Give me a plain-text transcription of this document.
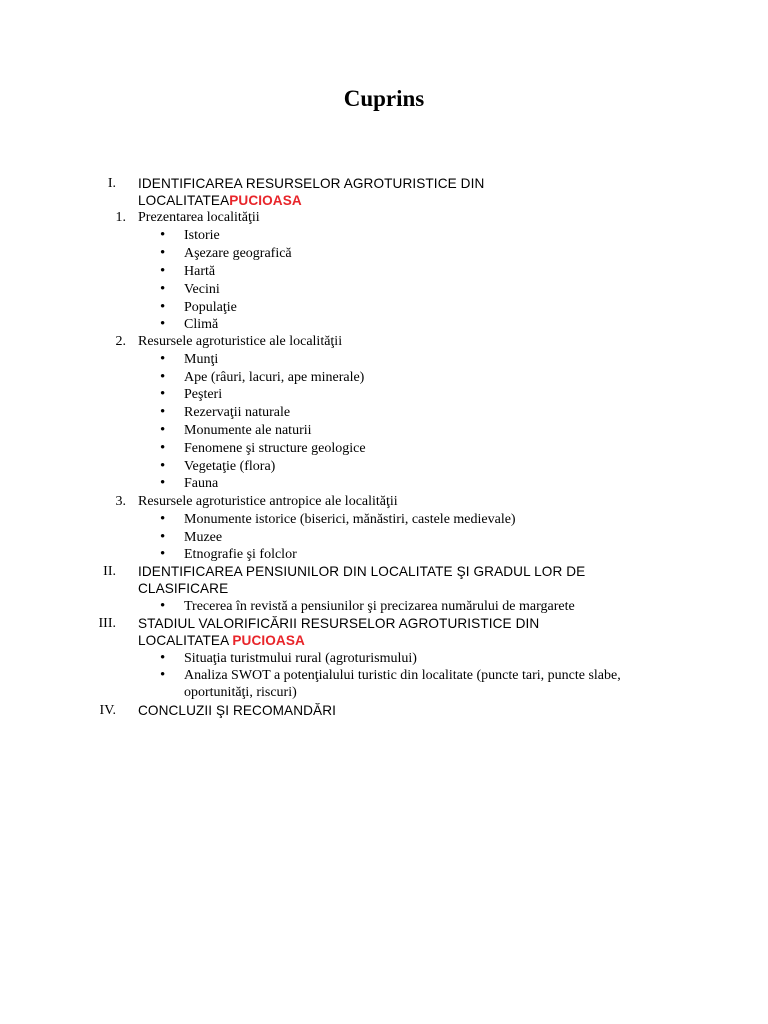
Cuprins
I. IDENTIFICAREA RESURSELOR AGROTURISTICE DIN
LOCALITATEAPUCIOASA
1. Prezentarea localităţii
•
Istorie
•
Aşezare geografică
•
Hartă
•
Vecini
•
Populaţie
•
Climă
2. Resursele agroturistice ale localităţii
•
Munţi
•
Ape (râuri, lacuri, ape minerale)
•
Peşteri
•
Rezervaţii naturale
•
Monumente ale naturii
•
Fenomene şi structure geologice
•
Vegetaţie (flora)
•
Fauna
3. Resursele agroturistice antropice ale localităţii
•
Monumente istorice (biserici, mănăstiri, castele medievale)
•
Muzee
•
Etnografie şi folclor
II. IDENTIFICAREA PENSIUNILOR DIN LOCALITATE ŞI GRADUL LOR DE
CLASIFICARE
•
Trecerea în revistă a pensiunilor şi precizarea numărului de margarete
III. STADIUL VALORIFICĂRII RESURSELOR AGROTURISTICE DIN
LOCALITATEA PUCIOASA
•
Situaţia turistmului rural (agroturismului)
•
Analiza SWOT a potenţialului turistic din localitate (puncte tari, puncte slabe,
oportunităţi, riscuri)
IV. CONCLUZII ŞI RECOMANDĂRI
